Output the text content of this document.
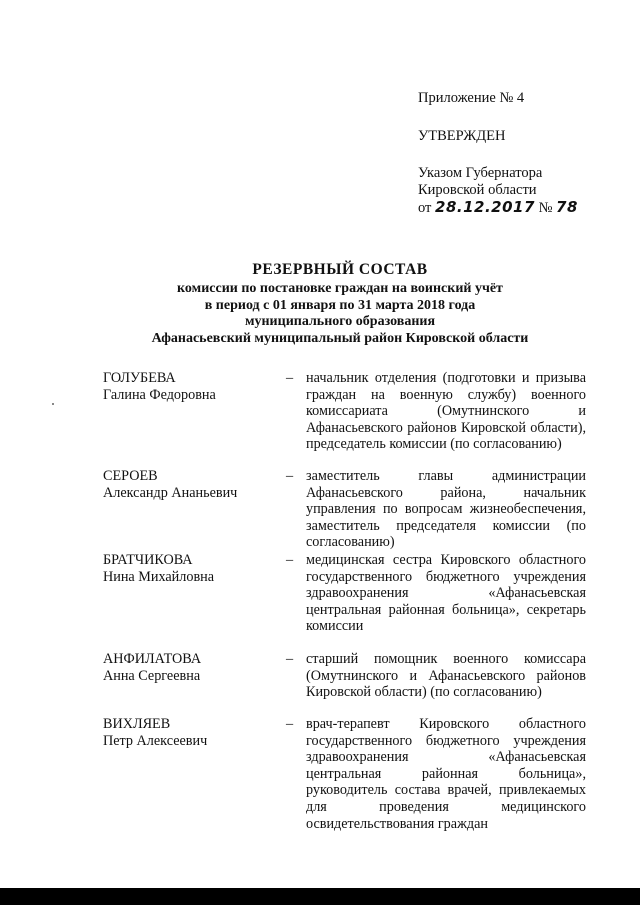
Приложение № 4
УТВЕРЖДЕН
Указом Губернатора
Кировской области
от 28.12.2017 № 78
РЕЗЕРВНЫЙ СОСТАВ
комиссии по постановке граждан на воинский учёт
в период с 01 января по 31 марта 2018 года
муниципального образования
Афанасьевский муниципальный район Кировской области
ГОЛУБЕВА
Галина Федоровна
– начальник отделения (подготовки и призыва граждан на военную службу) военного комиссариата (Омутнинского и Афанасьевского районов Кировской области), председатель комиссии (по согласованию)
СЕРОЕВ
Александр Ананьевич
– заместитель главы администрации Афанасьевского района, начальник управления по вопросам жизнеобеспечения, заместитель председателя комиссии (по согласованию)
БРАТЧИКОВА
Нина Михайловна
– медицинская сестра Кировского областного государственного бюджетного учреждения здравоохранения «Афанасьевская центральная районная больница», секретарь комиссии
АНФИЛАТОВА
Анна Сергеевна
– старший помощник военного комиссара (Омутнинского и Афанасьевского районов Кировской области) (по согласованию)
ВИХЛЯЕВ
Петр Алексеевич
– врач-терапевт Кировского областного государственного бюджетного учреждения здравоохранения «Афанасьевская центральная районная больница», руководитель состава врачей, привлекаемых для проведения медицинского освидетельствования граждан
